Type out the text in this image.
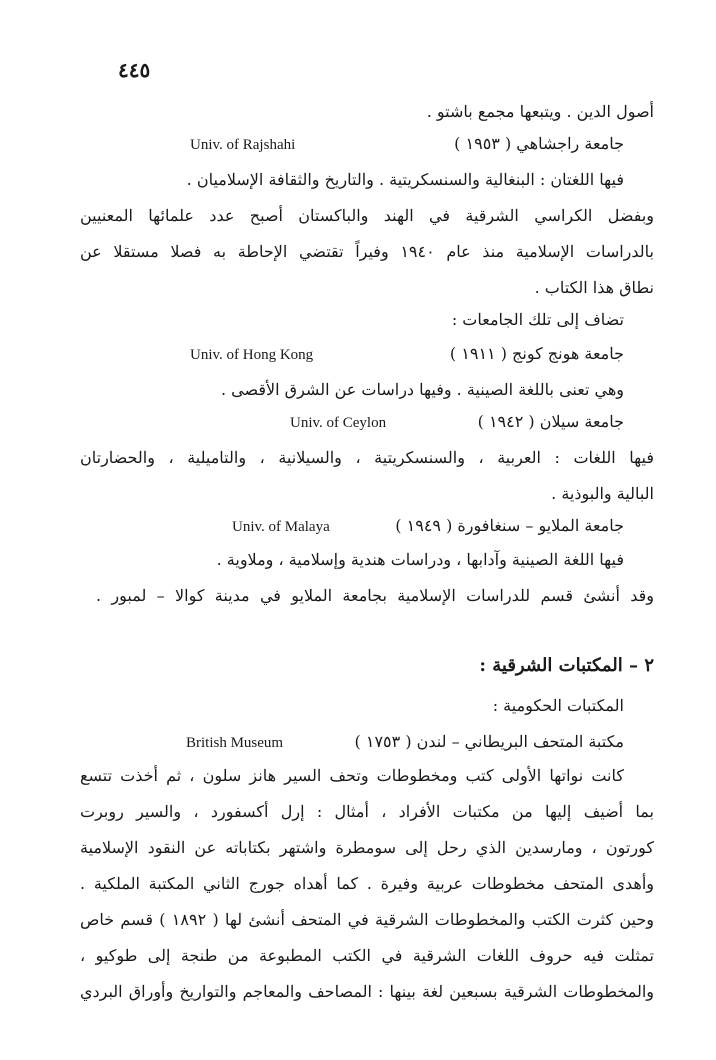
٤٤٥
أصول الدين . ويتبعها مجمع باشتو .
جامعة راجشاهي ( ١٩٥٣ )
Univ. of Rajshahi
فيها اللغتان : البنغالية والسنسكريتية . والتاريخ والثقافة الإسلاميان .
وبفضل الكراسي الشرقية في الهند والباكستان أصبح عدد علمائها المعنيين
بالدراسات الإسلامية منذ عام ١٩٤٠ وفيراً تقتضي الإحاطة به فصلا مستقلا عن
نطاق هذا الكتاب .
تضاف إلى تلك الجامعات :
جامعة هونج كونج ( ١٩١١ )
Univ. of Hong Kong
وهي تعنى باللغة الصينية . وفيها دراسات عن الشرق الأقصى .
جامعة سيلان ( ١٩٤٢ )
Univ. of Ceylon
فيها اللغات : العربية ، والسنسكريتية ، والسيلانية ، والتاميلية ، والحضارتان
البالية والبوذية .
جامعة الملايو – سنغافورة ( ١٩٤٩ )
Univ. of Malaya
فيها اللغة الصينية وآدابها ، ودراسات هندية وإسلامية ، وملاوية .
وقد أنشئ قسم للدراسات الإسلامية بجامعة الملايو في مدينة كوالا – لمبور .
٢ – المكتبات الشرقية :
المكتبات الحكومية :
مكتبة المتحف البريطاني – لندن ( ١٧٥٣ )
British Museum
كانت نواتها الأولى كتب ومخطوطات وتحف السير هانز سلون ، ثم أخذت تتسع
بما أضيف إليها من مكتبات الأفراد ، أمثال : إرل أكسفورد ، والسير روبرت
كورتون ، ومارسدين الذي رحل إلى سومطرة واشتهر بكتاباته عن النقود الإسلامية
وأهدى المتحف مخطوطات عربية وفيرة . كما أهداه جورج الثاني المكتبة الملكية .
وحين كثرت الكتب والمخطوطات الشرقية في المتحف أنشئ لها ( ١٨٩٢ ) قسم خاص
تمثلت فيه حروف اللغات الشرقية في الكتب المطبوعة من طنجة إلى طوكيو ،
والمخطوطات الشرقية بسبعين لغة بينها : المصاحف والمعاجم والتواريخ وأوراق البردي
